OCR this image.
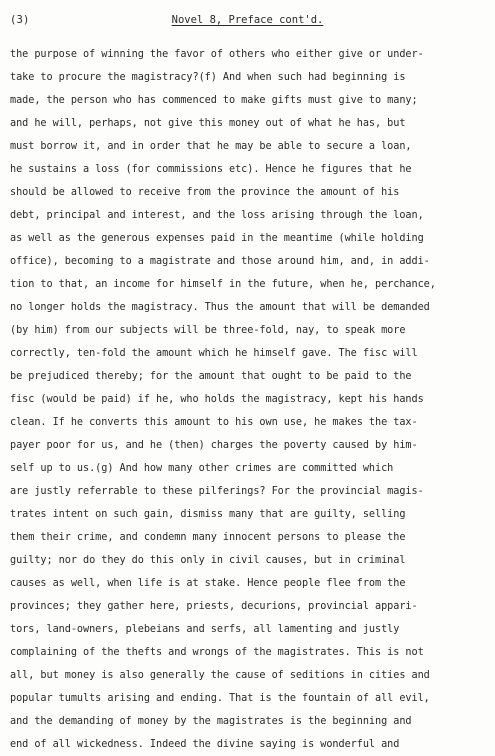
(3)	Novel 8, Preface cont'd.
the purpose of winning the favor of others who either give or under-
take to procure the magistracy?(f) And when such had beginning is
made, the person who has commenced to make gifts must give to many;
and he will, perhaps, not give this money out of what he has, but
must borrow it, and in order that he may be able to secure a loan,
he sustains a loss (for commissions etc). Hence he figures that he
should be allowed to receive from the province the amount of his
debt, principal and interest, and the loss arising through the loan,
as well as the generous expenses paid in the meantime (while holding
office), becoming to a magistrate and those around him, and, in addi-
tion to that, an income for himself in the future, when he, perchance,
no longer holds the magistracy. Thus the amount that will be demanded
(by him) from our subjects will be three-fold, nay, to speak more
correctly, ten-fold the amount which he himself gave. The fisc will
be prejudiced thereby; for the amount that ought to be paid to the
fisc (would be paid) if he, who holds the magistracy, kept his hands
clean. If he converts this amount to his own use, he makes the tax-
payer poor for us, and he (then) charges the poverty caused by him-
self up to us.(g) And how many other crimes are committed which
are justly referrable to these pilferings? For the provincial magis-
trates intent on such gain, dismiss many that are guilty, selling
them their crime, and condemn many innocent persons to please the
guilty; nor do they do this only in civil causes, but in criminal
causes as well, when life is at stake. Hence people flee from the
provinces; they gather here, priests, decurions, provincial appari-
tors, land-owners, plebeians and serfs, all lamenting and justly
complaining of the thefts and wrongs of the magistrates. This is not
all, but money is also generally the cause of seditions in cities and
popular tumults arising and ending. That is the fountain of all evil,
and the demanding of money by the magistrates is the beginning and
end of all wickedness. Indeed the divine saying is wonderful and
